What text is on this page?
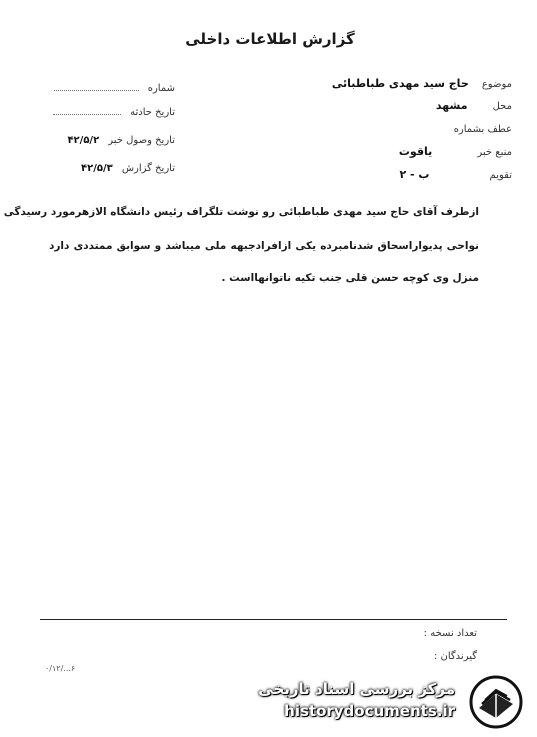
گزارش اطلاعات داخلی
موضوع حاج سید مهدی طباطبائی
محل مشهد
عطف بشماره
منبع خبر یاقوت
تقویم ب - ۲
شماره
تاریخ حادثه
تاریخ وصول خبر ۴۲/۵/۲
تاریخ گزارش ۴۲/۵/۳
ازطرف آقای حاج سید مهدی طباطبائی رو نوشت تلگراف رئیس دانشگاه الازهرمورد رسیدگی
نواحی پدیواراسحاق شدنامبرده یکی ازافرادجبهه ملی میباشد و سوابق ممتددی دارد
منزل وی کوچه حسن قلی جنب تکیه ناتوانهااست .
تعداد نسخه :
گیرندگان :
۰/۱۲/...۶
مرکز بررسی اسناد تاریخی
historydocuments.ir
